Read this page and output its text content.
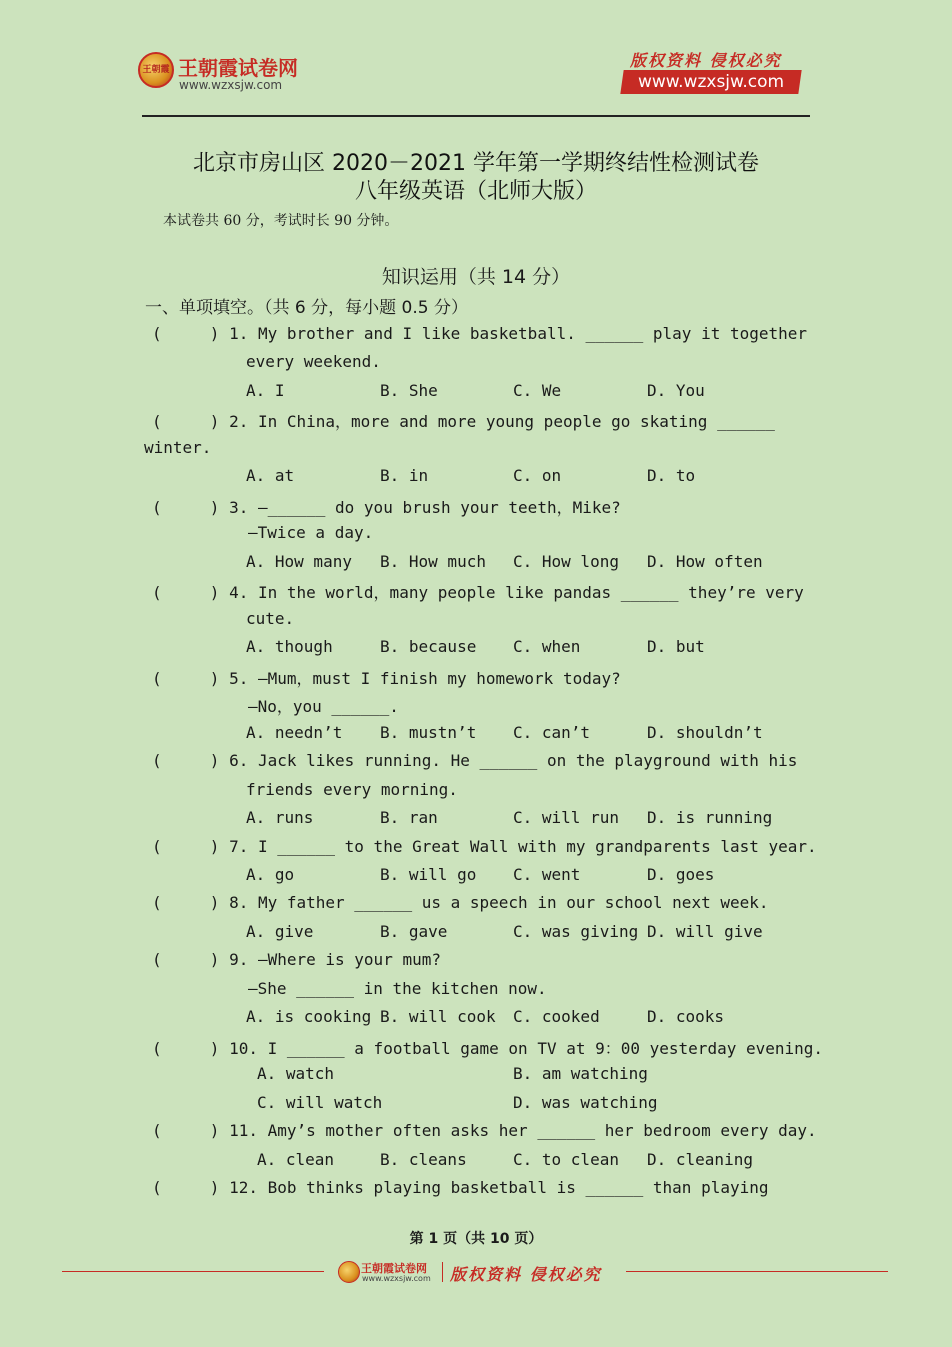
王朝霞 王朝霞试卷网
www.wzxsjw.com
版权资料 侵权必究
www.wzxsjw.com
北京市房山区 2020－2021 学年第一学期终结性检测试卷
八年级英语（北师大版）
本试卷共 60 分，考试时长 90 分钟。
知识运用（共 14 分）
一、单项填空。（共 6 分，每小题 0.5 分）
(     ) 1. My brother and I like basketball. ______ play it together
every weekend.
A. I	B. She	C. We	D. You
(     ) 2. In China，more and more young people go skating ______
winter.
A. at	B. in	C. on	D. to
(     ) 3. —______ do you brush your teeth，Mike?
—Twice a day.
A. How many B. How much C. How long D. How often
(     ) 4. In the world，many people like pandas ______ they’re very
cute.
A. though	B. because C. when	D. but
(     ) 5. —Mum，must I finish my homework today?
—No，you ______.
A. needn’t B. mustn’t C. can’t	D. shouldn’t
(     ) 6. Jack likes running. He ______ on the playground with his
friends every morning.
A. runs	B. ran	C. will run D. is running
(     ) 7. I ______ to the Great Wall with my grandparents last year.
A. go	B. will go C. went	D. goes
(     ) 8. My father ______ us a speech in our school next week.
A. give	B. gave	C. was giving D. will give
(     ) 9. —Where is your mum?
—She ______ in the kitchen now.
A. is cooking B. will cook C. cooked	D. cooks
(     ) 10. I ______ a football game on TV at 9：00 yesterday evening.
A. watch	B. am watching
C. will watch	D. was watching
(     ) 11. Amy’s mother often asks her ______ her bedroom every day.
A. clean	B. cleans	C. to clean D. cleaning
(     ) 12. Bob thinks playing basketball is ______ than playing
第 1 页（共 10 页）
王朝霞试卷网
www.wzxsjw.com 版权资料 侵权必究
